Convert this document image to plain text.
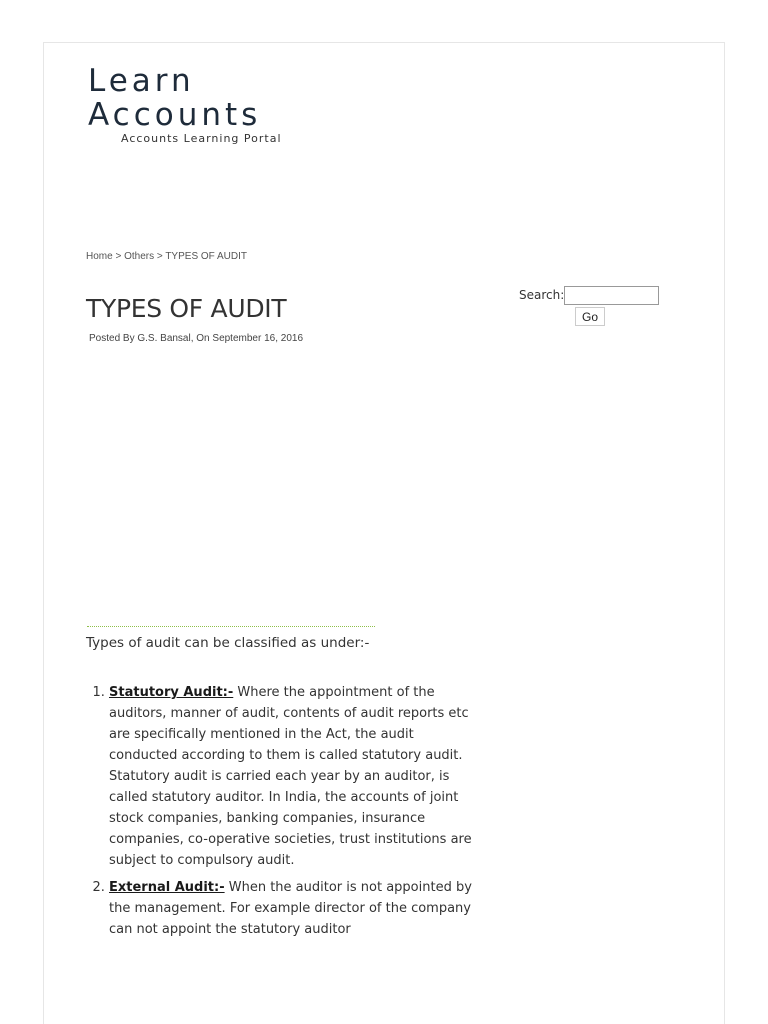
Learn
Accounts
Accounts Learning Portal
Home > Others > TYPES OF AUDIT
TYPES OF AUDIT
Posted By G.S. Bansal, On September 16, 2016
Search:
Go

Types of audit can be classified as under:-

1. Statutory Audit:- Where the appointment of the auditors, manner of audit, contents of audit reports etc are specifically mentioned in the Act, the audit conducted according to them is called statutory audit. Statutory audit is carried each year by an auditor, is called statutory auditor. In India, the accounts of joint stock companies, banking companies, insurance companies, co-operative societies, trust institutions are subject to compulsory audit.
2. External Audit:- When the auditor is not appointed by the management. For example director of the company can not appoint the statutory auditor
